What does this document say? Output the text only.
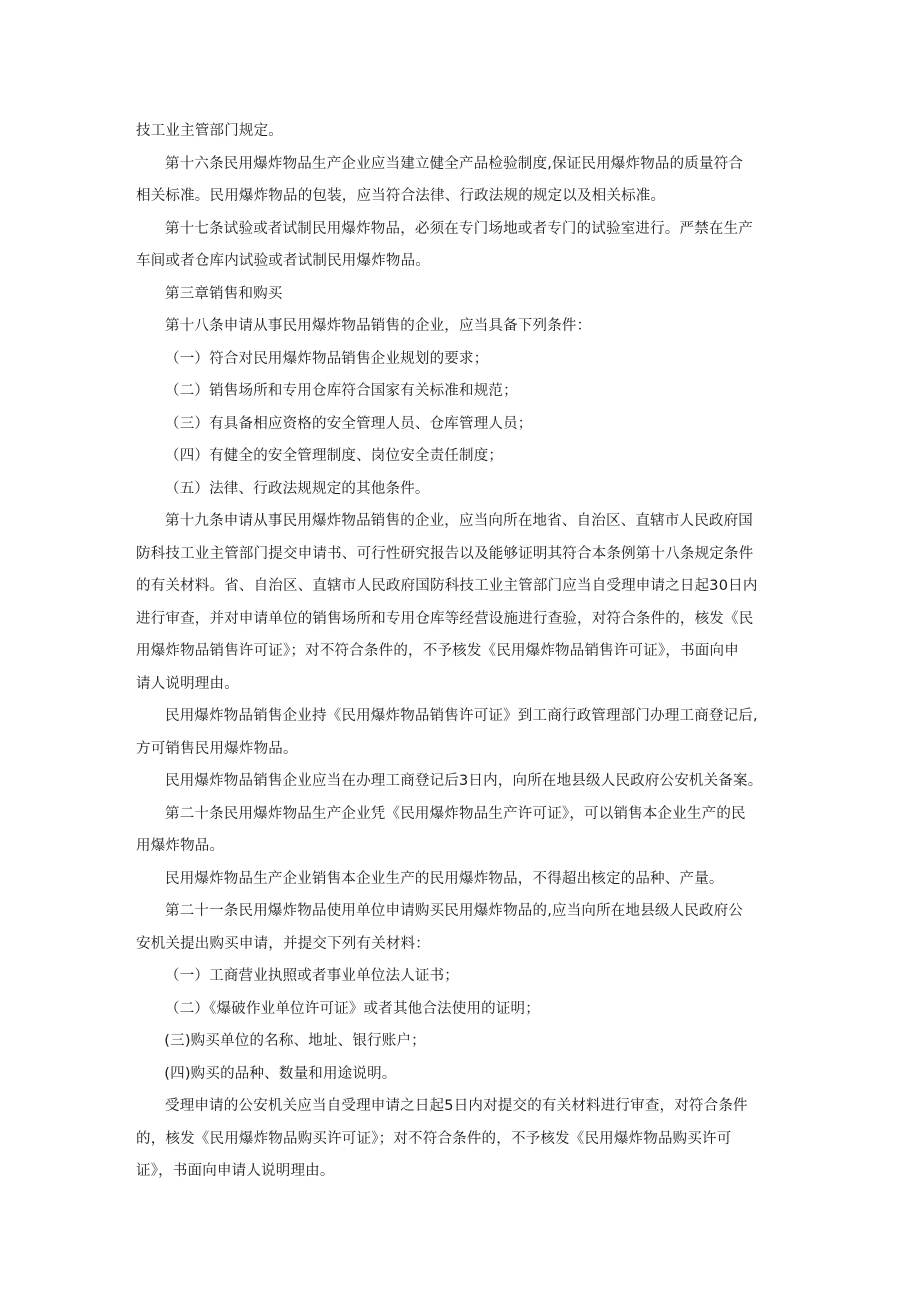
技工业主管部门规定。
第十六条民用爆炸物品生产企业应当建立健全产品检验制度,保证民用爆炸物品的质量符合
相关标准。民用爆炸物品的包装，应当符合法律、行政法规的规定以及相关标准。
第十七条试验或者试制民用爆炸物品，必须在专门场地或者专门的试验室进行。严禁在生产
车间或者仓库内试验或者试制民用爆炸物品。
第三章销售和购买
第十八条申请从事民用爆炸物品销售的企业，应当具备下列条件：
（一）符合对民用爆炸物品销售企业规划的要求；
（二）销售场所和专用仓库符合国家有关标准和规范；
（三）有具备相应资格的安全管理人员、仓库管理人员；
（四）有健全的安全管理制度、岗位安全责任制度；
（五）法律、行政法规规定的其他条件。
第十九条申请从事民用爆炸物品销售的企业，应当向所在地省、自治区、直辖市人民政府国
防科技工业主管部门提交申请书、可行性研究报告以及能够证明其符合本条例第十八条规定条件
的有关材料。省、自治区、直辖市人民政府国防科技工业主管部门应当自受理申请之日起30日内
进行审查，并对申请单位的销售场所和专用仓库等经营设施进行查验，对符合条件的，核发《民
用爆炸物品销售许可证》；对不符合条件的，不予核发《民用爆炸物品销售许可证》，书面向申
请人说明理由。
民用爆炸物品销售企业持《民用爆炸物品销售许可证》到工商行政管理部门办理工商登记后,
方可销售民用爆炸物品。
民用爆炸物品销售企业应当在办理工商登记后3日内，向所在地县级人民政府公安机关备案。
第二十条民用爆炸物品生产企业凭《民用爆炸物品生产许可证》，可以销售本企业生产的民
用爆炸物品。
民用爆炸物品生产企业销售本企业生产的民用爆炸物品，不得超出核定的品种、产量。
第二十一条民用爆炸物品使用单位申请购买民用爆炸物品的,应当向所在地县级人民政府公
安机关提出购买申请，并提交下列有关材料：
（一）工商营业执照或者事业单位法人证书；
（二）《爆破作业单位许可证》或者其他合法使用的证明；
(三)购买单位的名称、地址、银行账户；
(四)购买的品种、数量和用途说明。
受理申请的公安机关应当自受理申请之日起5日内对提交的有关材料进行审查，对符合条件
的，核发《民用爆炸物品购买许可证》；对不符合条件的，不予核发《民用爆炸物品购买许可
证》，书面向申请人说明理由。
